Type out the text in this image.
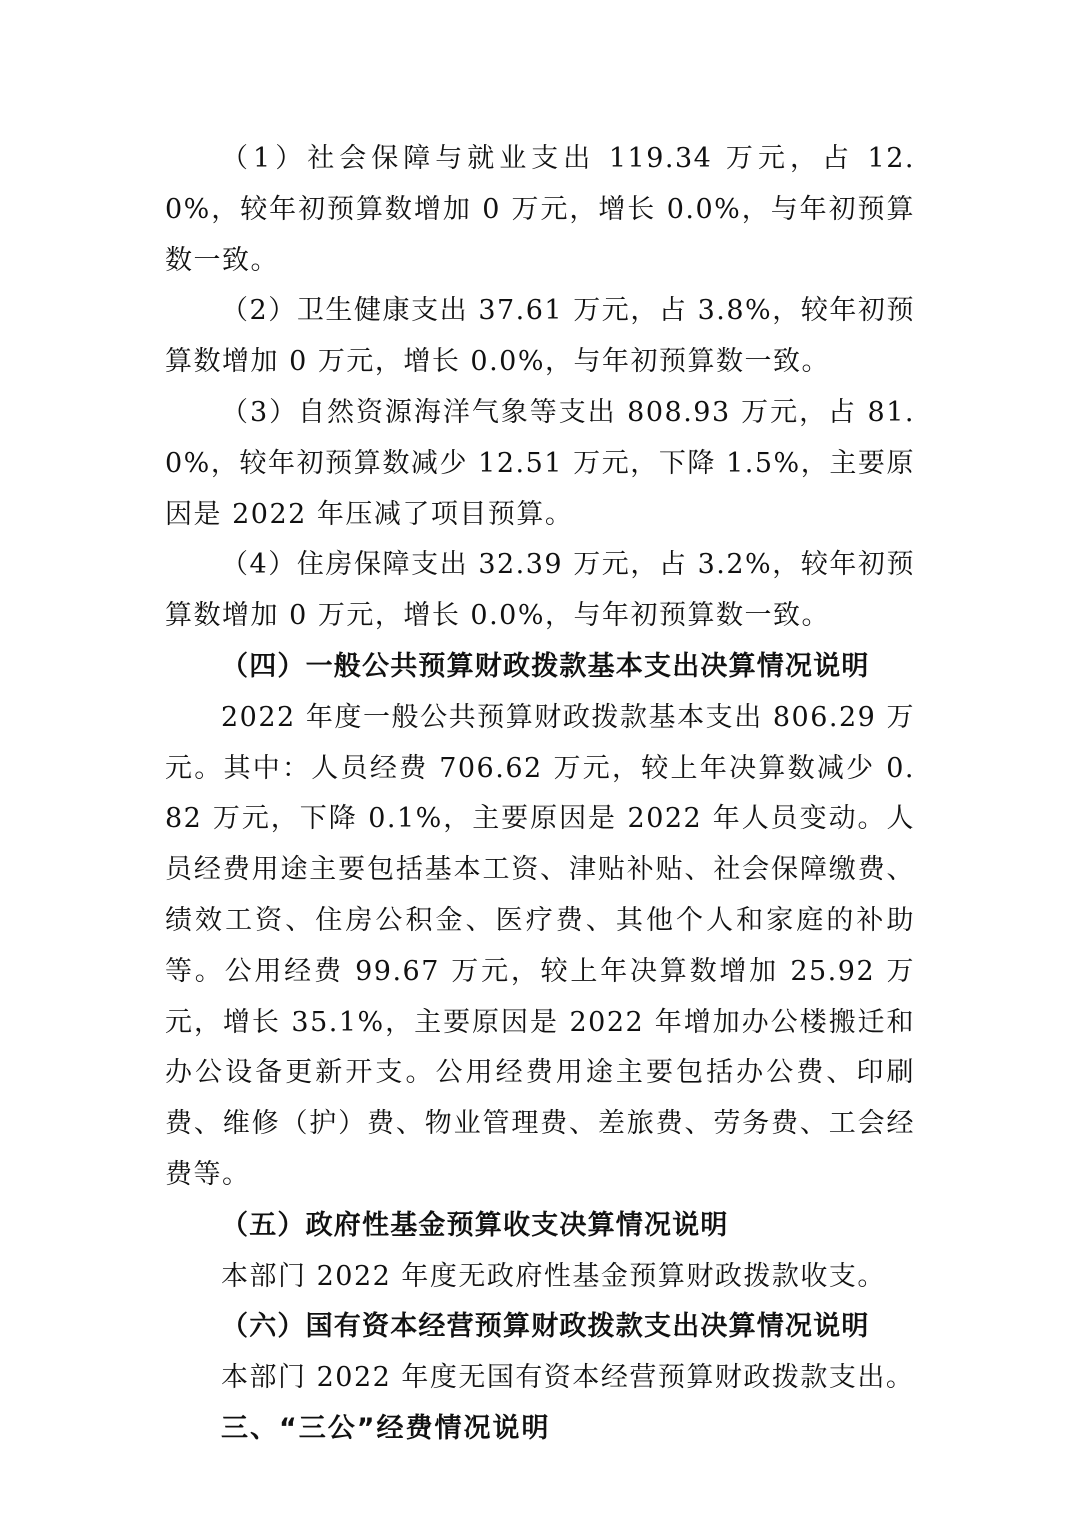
（1）社会保障与就业支出 119.34 万元，占 12.0%，较年初预算数增加 0 万元，增长 0.0%，与年初预算数一致。

（2）卫生健康支出 37.61 万元，占 3.8%，较年初预算数增加 0 万元，增长 0.0%，与年初预算数一致。

（3）自然资源海洋气象等支出 808.93 万元，占 81.0%，较年初预算数减少 12.51 万元，下降 1.5%，主要原因是 2022 年压减了项目预算。

（4）住房保障支出 32.39 万元，占 3.2%，较年初预算数增加 0 万元，增长 0.0%，与年初预算数一致。

（四）一般公共预算财政拨款基本支出决算情况说明

2022 年度一般公共预算财政拨款基本支出 806.29 万元。其中：人员经费 706.62 万元，较上年决算数减少 0.82 万元，下降 0.1%，主要原因是 2022 年人员变动。人员经费用途主要包括基本工资、津贴补贴、社会保障缴费、绩效工资、住房公积金、医疗费、其他个人和家庭的补助等。公用经费 99.67 万元，较上年决算数增加 25.92 万元，增长 35.1%，主要原因是 2022 年增加办公楼搬迁和办公设备更新开支。公用经费用途主要包括办公费、印刷费、维修（护）费、物业管理费、差旅费、劳务费、工会经费等。

（五）政府性基金预算收支决算情况说明

本部门 2022 年度无政府性基金预算财政拨款收支。

（六）国有资本经营预算财政拨款支出决算情况说明

本部门 2022 年度无国有资本经营预算财政拨款支出。

三、“三公”经费情况说明
